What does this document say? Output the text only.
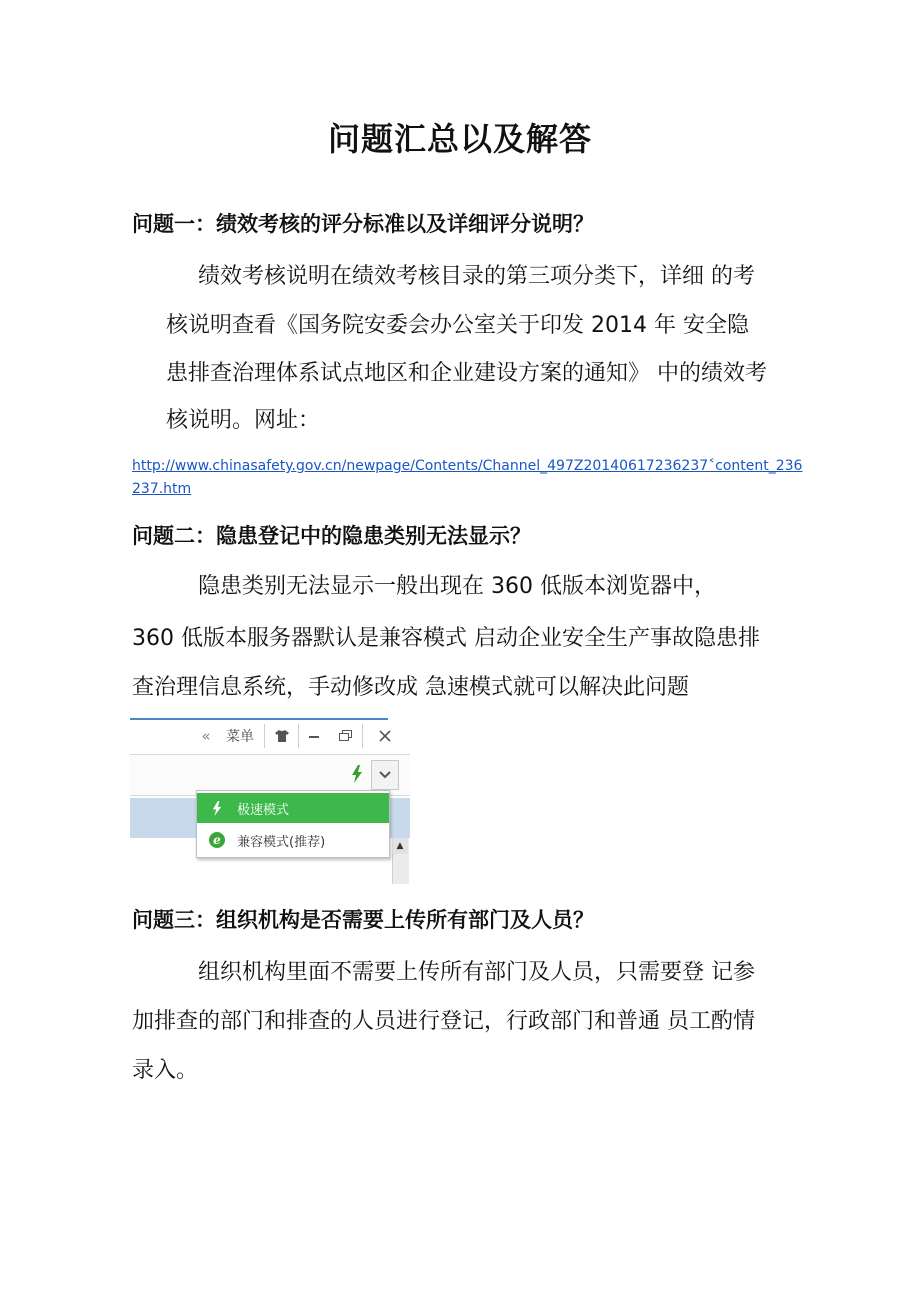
问题汇总以及解答
问题一：绩效考核的评分标准以及详细评分说明？
绩效考核说明在绩效考核目录的第三项分类下，详细 的考
核说明查看《国务院安委会办公室关于印发 2014 年 安全隐
患排查治理体系试点地区和企业建设方案的通知》 中的绩效考
核说明。网址：
http://www.chinasafety.gov.cn/newpage/Contents/Channel_497Z20140617236237˂content_236
237.htm
问题二：隐患登记中的隐患类别无法显示？
隐患类别无法显示一般出现在 360 低版本浏览器中，
360 低版本服务器默认是兼容模式 启动企业安全生产事故隐患排
查治理信息系统，手动修改成 急速模式就可以解决此问题
«	菜单
▲
极速模式
e	兼容模式(推荐)
问题三：组织机构是否需要上传所有部门及人员？
组织机构里面不需要上传所有部门及人员，只需要登 记参
加排查的部门和排查的人员进行登记，行政部门和普通 员工酌情
录入。
